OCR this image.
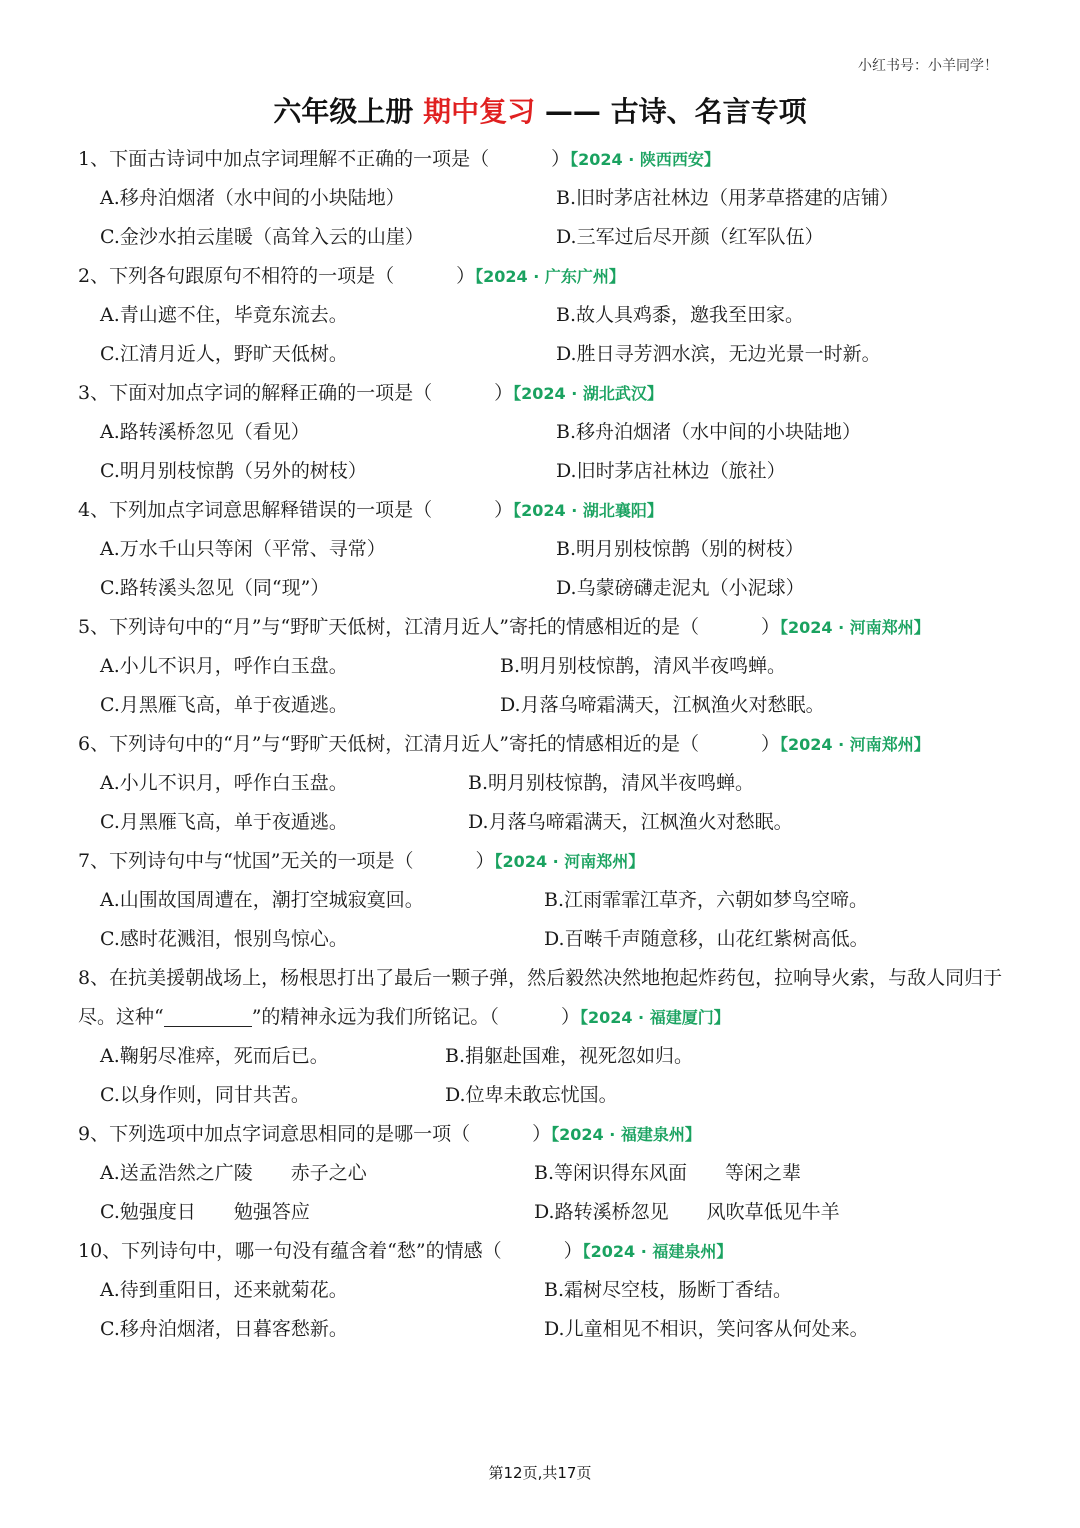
小红书号：小羊同学！
六年级上册 期中复习 —— 古诗、名言专项
1、下面古诗词中加点字词理解不正确的一项是（	）【2024 · 陕西西安】
A.移舟泊烟渚（水中间的小块陆地）	B.旧时茅店社林边（用茅草搭建的店铺）
C.金沙水拍云崖暖（高耸入云的山崖）	D.三军过后尽开颜（红军队伍）
2、下列各句跟原句不相符的一项是（	）【2024 · 广东广州】
A.青山遮不住，毕竟东流去。	B.故人具鸡黍，邀我至田家。
C.江清月近人，野旷天低树。	D.胜日寻芳泗水滨，无边光景一时新。
3、下面对加点字词的解释正确的一项是（	）【2024 · 湖北武汉】
A.路转溪桥忽见（看见）	B.移舟泊烟渚（水中间的小块陆地）
C.明月别枝惊鹊（另外的树枝）	D.旧时茅店社林边（旅社）
4、下列加点字词意思解释错误的一项是（	）【2024 · 湖北襄阳】
A.万水千山只等闲（平常、寻常）	B.明月别枝惊鹊（别的树枝）
C.路转溪头忽见（同“现”）	D.乌蒙磅礴走泥丸（小泥球）
5、下列诗句中的“月”与“野旷天低树，江清月近人”寄托的情感相近的是（	）【2024 · 河南郑州】
A.小儿不识月，呼作白玉盘。	B.明月别枝惊鹊，清风半夜鸣蝉。
C.月黑雁飞高，单于夜遁逃。	D.月落乌啼霜满天，江枫渔火对愁眠。
6、下列诗句中的“月”与“野旷天低树，江清月近人”寄托的情感相近的是（	）【2024 · 河南郑州】
A.小儿不识月，呼作白玉盘。	B.明月别枝惊鹊，清风半夜鸣蝉。
C.月黑雁飞高，单于夜遁逃。	D.月落乌啼霜满天，江枫渔火对愁眠。
7、下列诗句中与“忧国”无关的一项是（	）【2024 · 河南郑州】
A.山围故国周遭在，潮打空城寂寞回。	B.江雨霏霏江草齐，六朝如梦鸟空啼。
C.感时花溅泪，恨别鸟惊心。	D.百啭千声随意移，山花红紫树高低。
8、在抗美援朝战场上，杨根思打出了最后一颗子弹，然后毅然决然地抱起炸药包，拉响导火索，与敌人同归于尽。这种“	”的精神永远为我们所铭记。（	）【2024 · 福建厦门】
A.鞠躬尽准瘁，死而后已。	B.捐躯赴国难，视死忽如归。
C.以身作则，同甘共苦。	D.位卑未敢忘忧国。
9、下列选项中加点字词意思相同的是哪一项（	）【2024 · 福建泉州】
A.送孟浩然之广陵　　赤子之心	B.等闲识得东风面　　等闲之辈
C.勉强度日　　勉强答应	D.路转溪桥忽见　　风吹草低见牛羊
10、下列诗句中，哪一句没有蕴含着“愁”的情感（	）【2024 · 福建泉州】
A.待到重阳日，还来就菊花。	B.霜树尽空枝，肠断丁香结。
C.移舟泊烟渚，日暮客愁新。	D.儿童相见不相识，笑问客从何处来。
第12页,共17页
